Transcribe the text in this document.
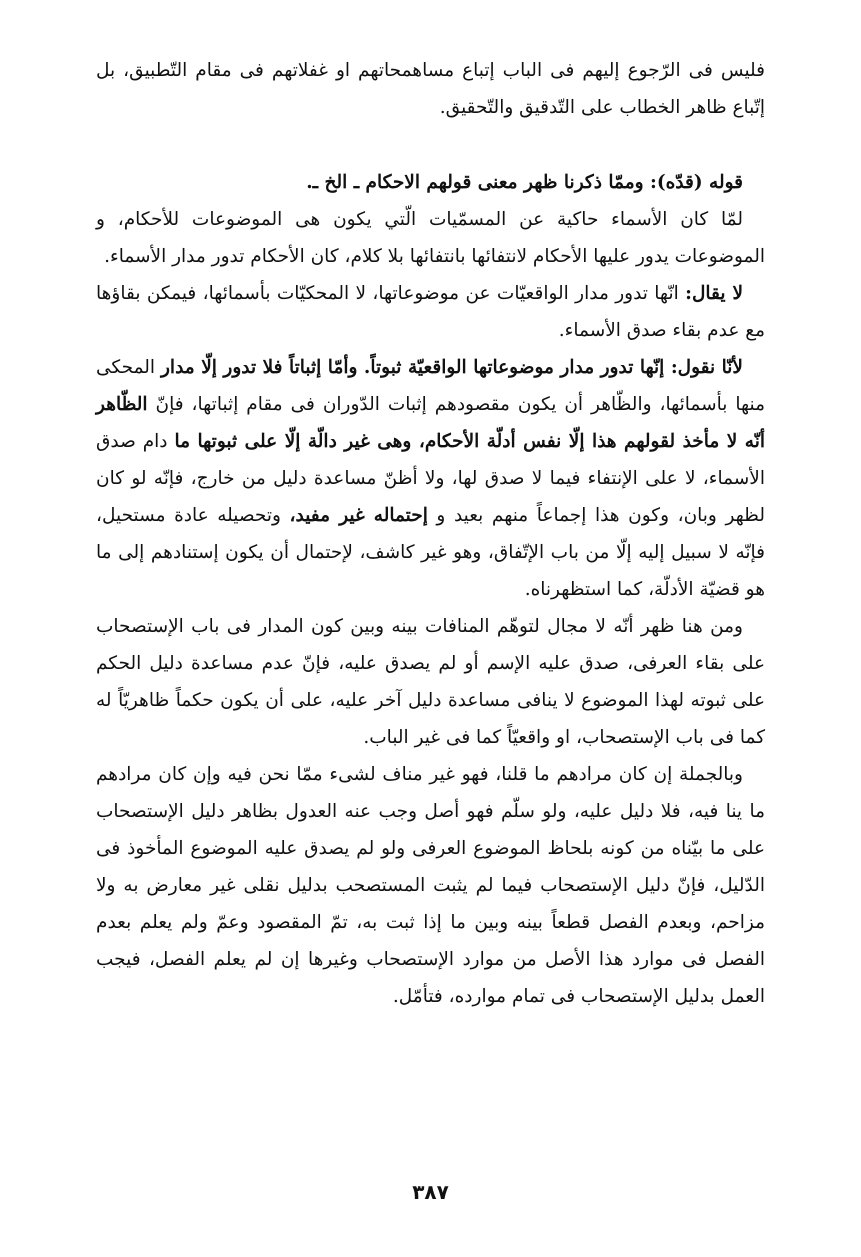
فليس فى الرّجوع إليهم فى الباب إتباع مساهمحاتهم او غفلاتهم فى مقام التّطبيق، بل إتّباع ظاهر الخطاب على التّدقيق والتّحقيق.

قوله (قدّه): وممّا ذكرنا ظهر معنى قولهم الاحكام ـ الخ ـ.

لمّا كان الأسماء حاكية عن المسمّيات الّتي يكون هى الموضوعات للأحكام، و الموضوعات يدور عليها الأحكام لانتفائها بانتفائها بلا كلام، كان الأحكام تدور مدار الأسماء.

لا يقال: انّها تدور مدار الواقعيّات عن موضوعاتها، لا المحكيّات بأسمائها، فيمكن بقاؤها مع عدم بقاء صدق الأسماء.

لأنّا نقول: إنّها تدور مدار موضوعاتها الواقعيّة ثبوتاً. وأمّا إثباتاً فلا تدور إلّا مدار المحكى منها بأسمائها، والظّاهر أن يكون مقصودهم إثبات الدّوران فى مقام إثباتها، فإنّ الظّاهر أنّه لا مأخذ لقولهم هذا إلّا نفس أدلّة الأحكام، وهى غير دالّة إلّا على ثبوتها ما دام صدق الأسماء، لا على الإنتفاء فيما لا صدق لها، ولا أظنّ مساعدة دليل من خارج، فإنّه لو كان لظهر وبان، وكون هذا إجماعاً منهم بعيد و إحتماله غير مفيد، وتحصيله عادة مستحيل، فإنّه لا سبيل إليه إلّا من باب الإتّفاق، وهو غير كاشف، لإحتمال أن يكون إستنادهم إلى ما هو قضيّة الأدلّة، كما استظهرناه.

ومن هنا ظهر أنّه لا مجال لتوهّم المنافات بينه وبين كون المدار فى باب الإستصحاب على بقاء العرفى، صدق عليه الإسم أو لم يصدق عليه، فإنّ عدم مساعدة دليل الحكم على ثبوته لهذا الموضوع لا ينافى مساعدة دليل آخر عليه، على أن يكون حكماً ظاهريّاً له كما فى باب الإستصحاب، او واقعيّاً كما فى غير الباب.

وبالجملة إن كان مرادهم ما قلنا، فهو غير مناف لشىء ممّا نحن فيه وإن كان مرادهم ما ينا فيه، فلا دليل عليه، ولو سلّم فهو أصل وجب عنه العدول بظاهر دليل الإستصحاب على ما بيّناه من كونه بلحاظ الموضوع العرفى ولو لم يصدق عليه الموضوع المأخوذ فى الدّليل، فإنّ دليل الإستصحاب فيما لم يثبت المستصحب بدليل نقلى غير معارض به ولا مزاحم، وبعدم الفصل قطعاً بينه وبين ما إذا ثبت به، تمّ المقصود وعمّ ولم يعلم بعدم الفصل فى موارد هذا الأصل من موارد الإستصحاب وغيرها إن لم يعلم الفصل، فيجب العمل بدليل الإستصحاب فى تمام موارده، فتأمّل.

٣٨٧
